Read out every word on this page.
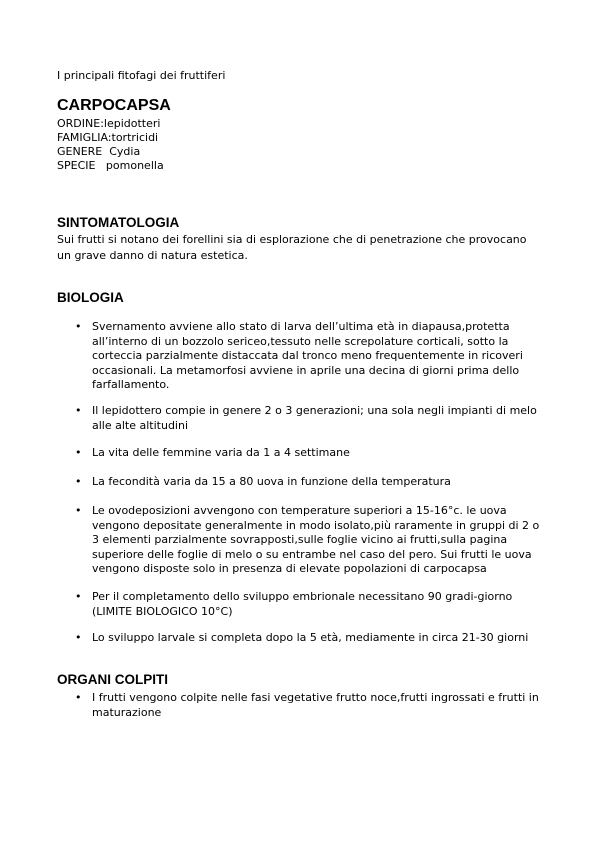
I principali fitofagi dei fruttiferi
CARPOCAPSA
ORDINE:lepidotteri
FAMIGLIA:tortricidi
GENERE  Cydia
SPECIE   pomonella
SINTOMATOLOGIA
Sui frutti si notano dei forellini sia di esplorazione che di penetrazione che provocano un grave danno di natura estetica.
BIOLOGIA
• Svernamento avviene allo stato di larva dell’ultima età in diapausa,protetta all’interno di un bozzolo sericeo,tessuto nelle screpolature corticali, sotto la corteccia parzialmente distaccata dal tronco meno frequentemente in ricoveri occasionali. La metamorfosi avviene in aprile una decina di giorni prima dello farfallamento.
• Il lepidottero compie in genere 2 o 3 generazioni; una sola negli impianti di melo alle alte altitudini
• La vita delle femmine varia da 1 a 4 settimane
• La fecondità varia da 15 a 80 uova in funzione della temperatura
• Le ovodeposizioni avvengono con temperature superiori a 15-16°c. le uova vengono depositate generalmente in modo isolato,più raramente in gruppi di 2 o 3 elementi parzialmente sovrapposti,sulle foglie vicino ai frutti,sulla pagina superiore delle foglie di melo o su entrambe nel caso del pero. Sui frutti le uova vengono disposte solo in presenza di elevate popolazioni di carpocapsa
• Per il completamento dello sviluppo embrionale necessitano 90 gradi-giorno (LIMITE BIOLOGICO 10°C)
• Lo sviluppo larvale si completa dopo la 5 età, mediamente in circa 21-30 giorni
ORGANI COLPITI
• I frutti vengono colpite nelle fasi vegetative frutto noce,frutti ingrossati e frutti in maturazione
